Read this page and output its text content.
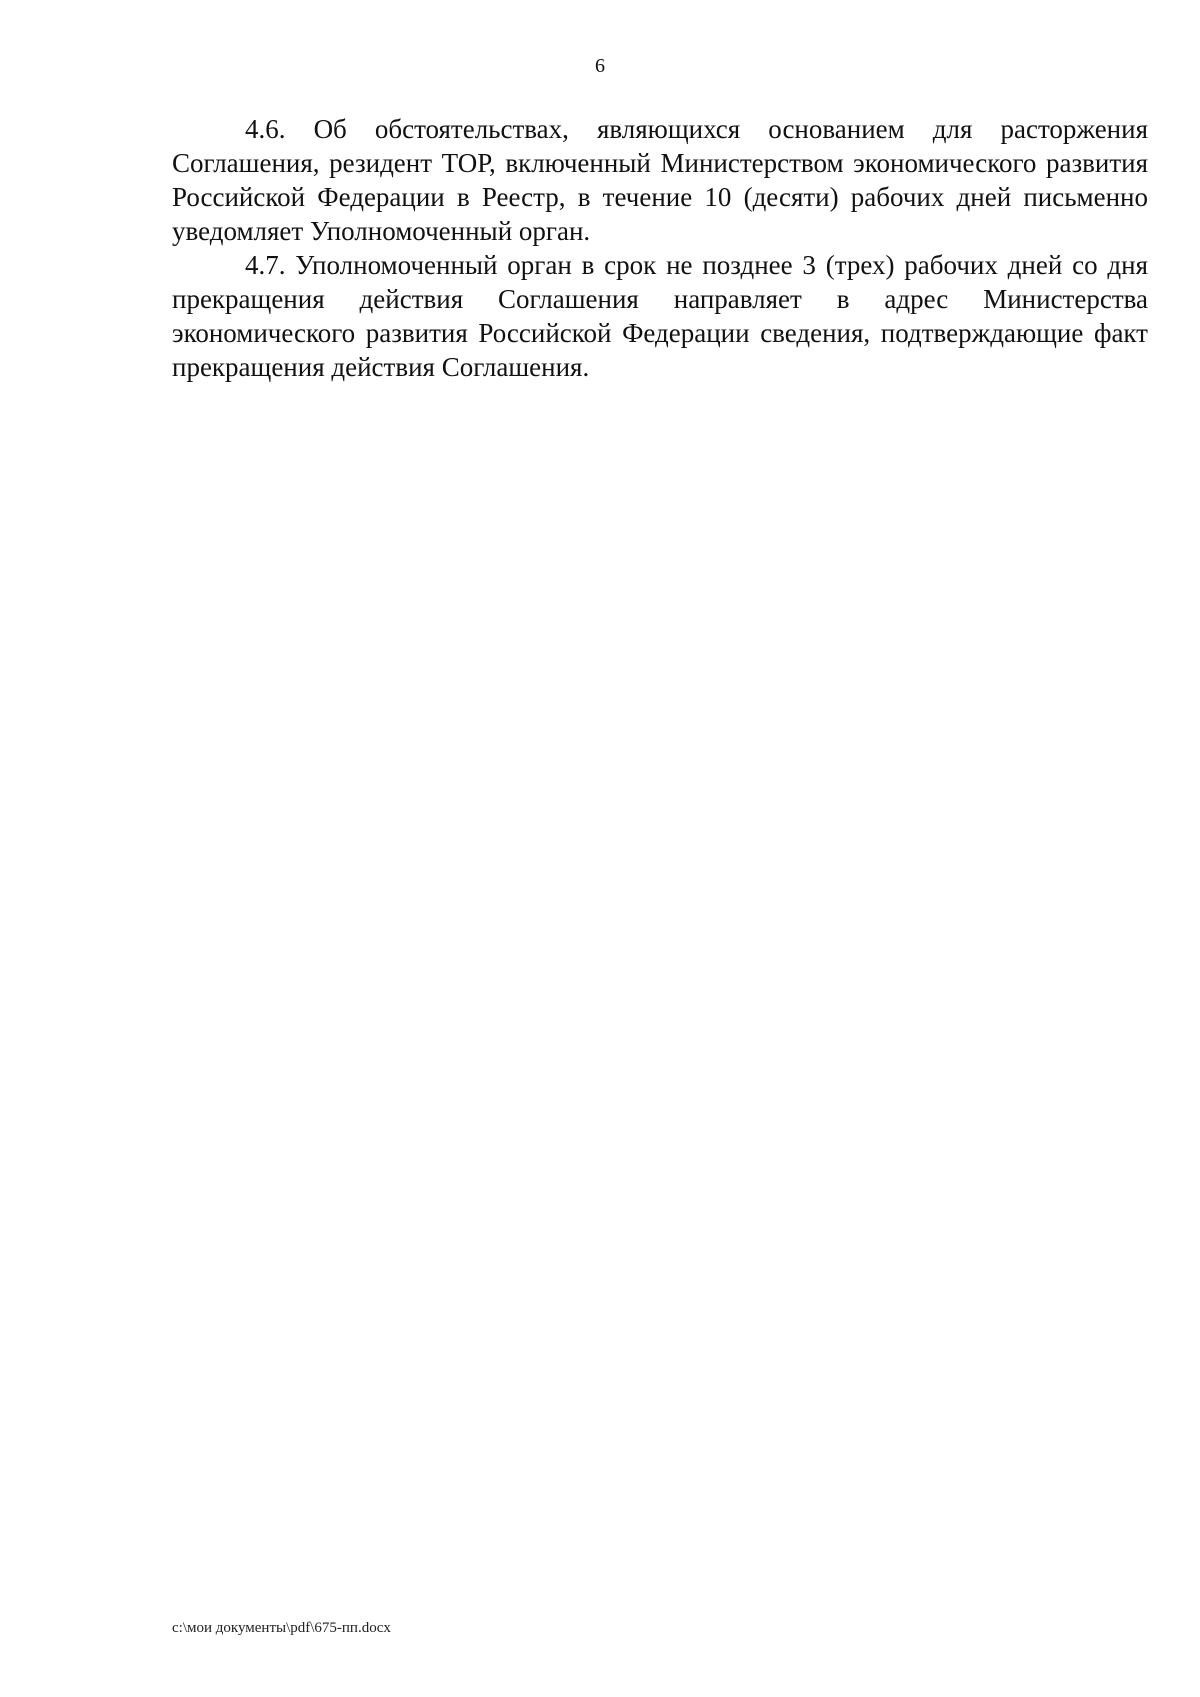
6

4.6. Об обстоятельствах, являющихся основанием для расторжения Соглашения, резидент ТОР, включенный Министерством экономического развития Российской Федерации в Реестр, в течение 10 (десяти) рабочих дней письменно уведомляет Уполномоченный орган.

4.7. Уполномоченный орган в срок не позднее 3 (трех) рабочих дней со дня прекращения действия Соглашения направляет в адрес Министерства экономического развития Российской Федерации сведения, подтверждающие факт прекращения действия Соглашения.

c:\мои документы\pdf\675-пп.docx
